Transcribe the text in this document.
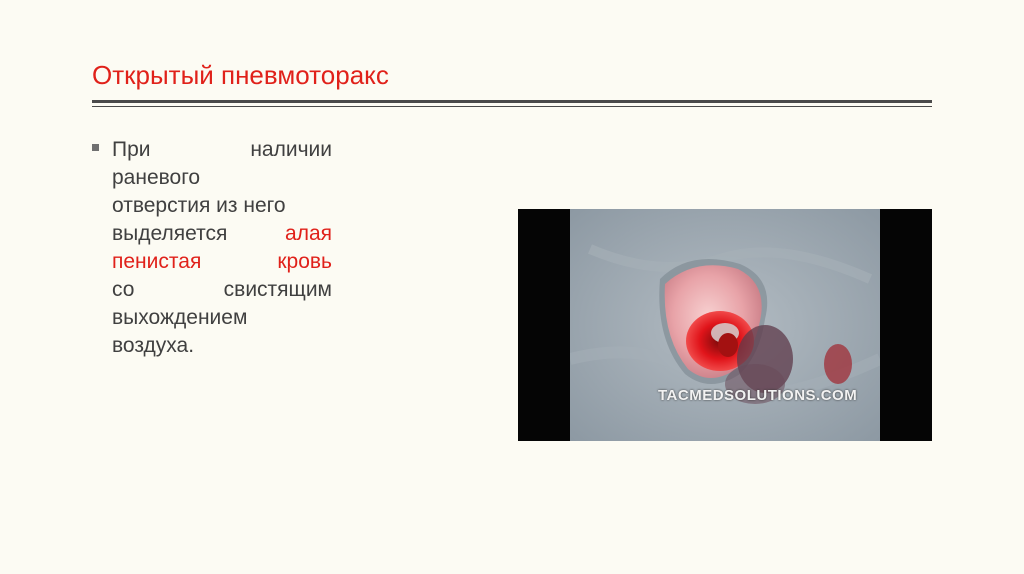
Открытый пневмоторакс
При	наличии
раневого
отверстия из него
выделяется	алая
пенистая	кровь
со	свистящим
выхождением
воздуха.
TACMEDSOLUTIONS.COM
